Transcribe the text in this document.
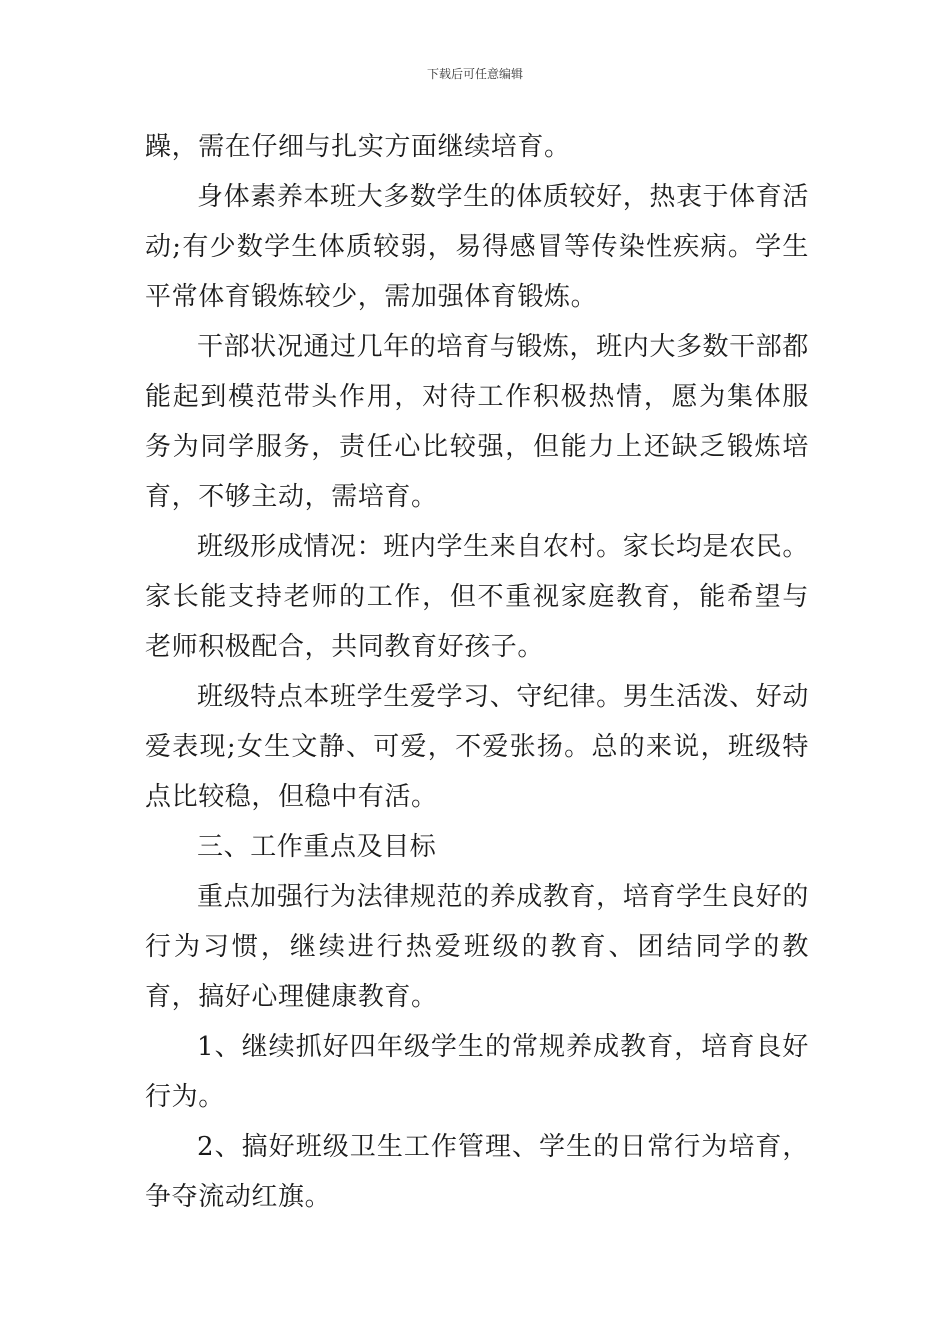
下载后可任意编辑

躁，需在仔细与扎实方面继续培育。

身体素养本班大多数学生的体质较好，热衷于体育活动;有少数学生体质较弱，易得感冒等传染性疾病。学生平常体育锻炼较少，需加强体育锻炼。

干部状况通过几年的培育与锻炼，班内大多数干部都能起到模范带头作用，对待工作积极热情，愿为集体服务为同学服务，责任心比较强，但能力上还缺乏锻炼培育，不够主动，需培育。

班级形成情况：班内学生来自农村。家长均是农民。家长能支持老师的工作，但不重视家庭教育，能希望与老师积极配合，共同教育好孩子。

班级特点本班学生爱学习、守纪律。男生活泼、好动爱表现;女生文静、可爱，不爱张扬。总的来说，班级特点比较稳，但稳中有活。

三、工作重点及目标

重点加强行为法律规范的养成教育，培育学生良好的行为习惯，继续进行热爱班级的教育、团结同学的教育，搞好心理健康教育。

1、继续抓好四年级学生的常规养成教育，培育良好行为。

2、搞好班级卫生工作管理、学生的日常行为培育，争夺流动红旗。
